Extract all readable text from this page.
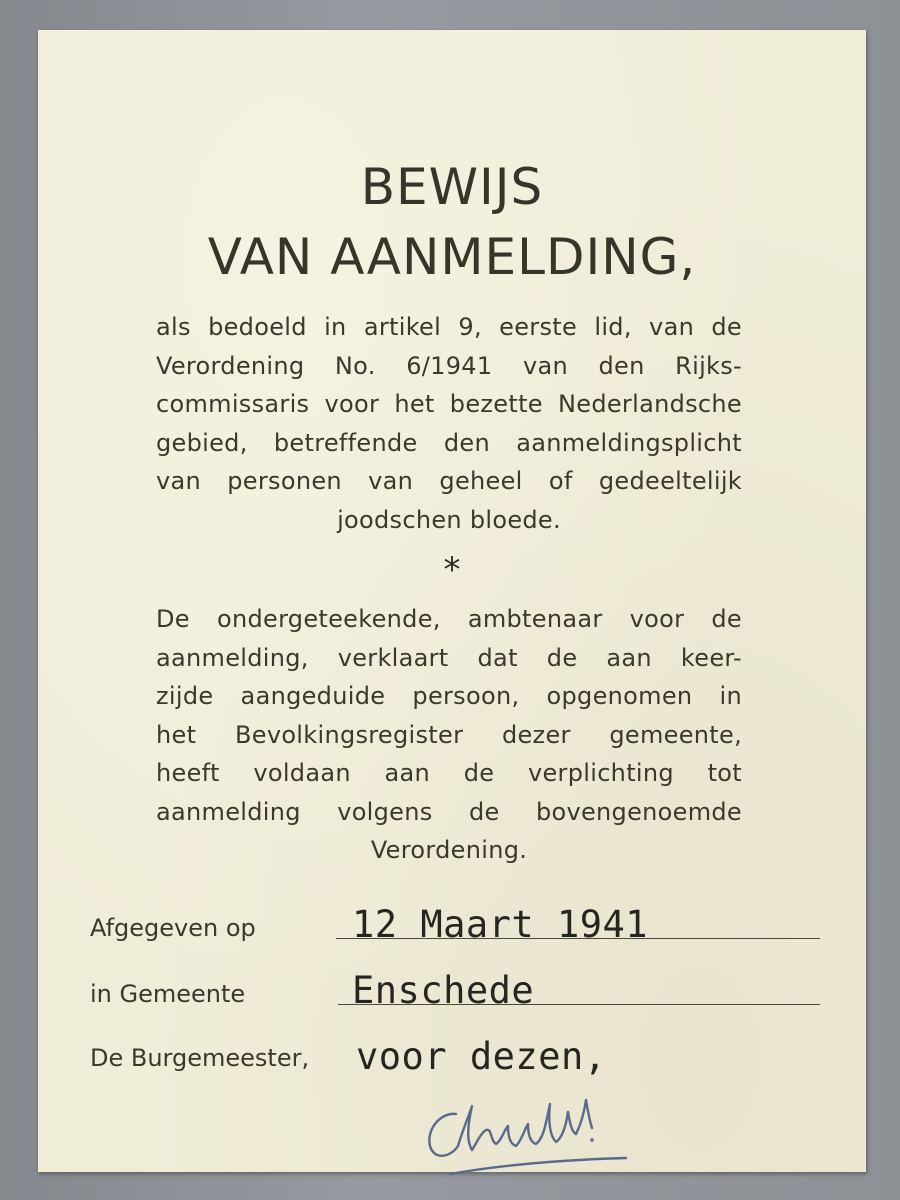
BEWIJS
VAN AANMELDING,
als bedoeld in artikel 9, eerste lid, van de
Verordening No. 6/1941 van den Rijks-
commissaris voor het bezette Nederlandsche
gebied, betreffende den aanmeldingsplicht
van personen van geheel of gedeeltelijk
joodschen bloede.
*
De ondergeteekende, ambtenaar voor de
aanmelding, verklaart dat de aan keer-
zijde aangeduide persoon, opgenomen in
het Bevolkingsregister dezer gemeente,
heeft voldaan aan de verplichting tot
aanmelding volgens de bovengenoemde
Verordening.
Afgegeven op	12 Maart 1941
in Gemeente	Enschede
De Burgemeester, voor dezen,
